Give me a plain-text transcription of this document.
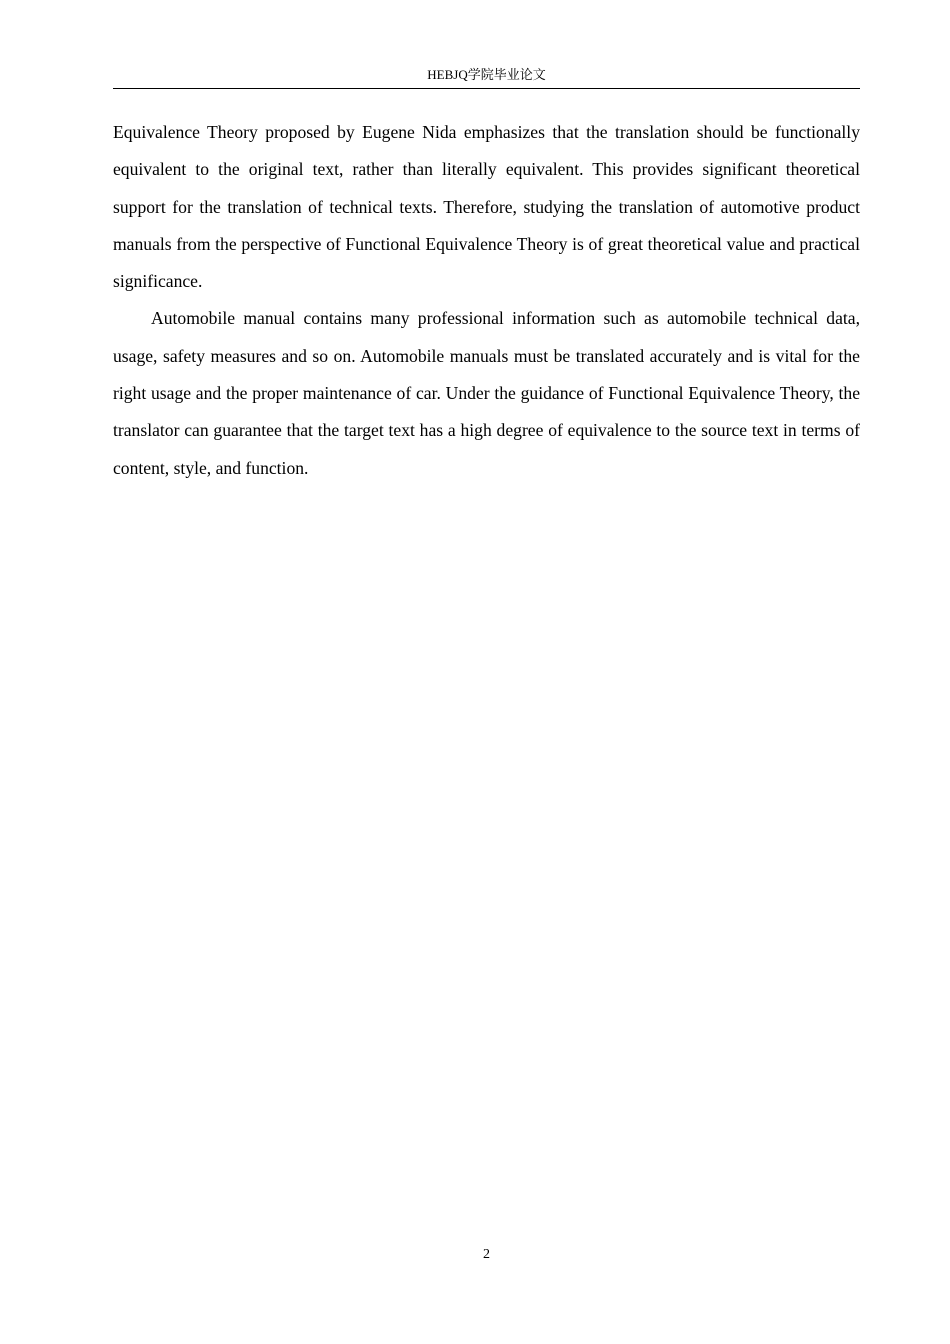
HEBJQ学院毕业论文

Equivalence Theory proposed by Eugene Nida emphasizes that the translation should be functionally equivalent to the original text, rather than literally equivalent. This provides significant theoretical support for the translation of technical texts. Therefore, studying the translation of automotive product manuals from the perspective of Functional Equivalence Theory is of great theoretical value and practical significance.

Automobile manual contains many professional information such as automobile technical data, usage, safety measures and so on. Automobile manuals must be translated accurately and is vital for the right usage and the proper maintenance of car. Under the guidance of Functional Equivalence Theory, the translator can guarantee that the target text has a high degree of equivalence to the source text in terms of content, style, and function.

2
